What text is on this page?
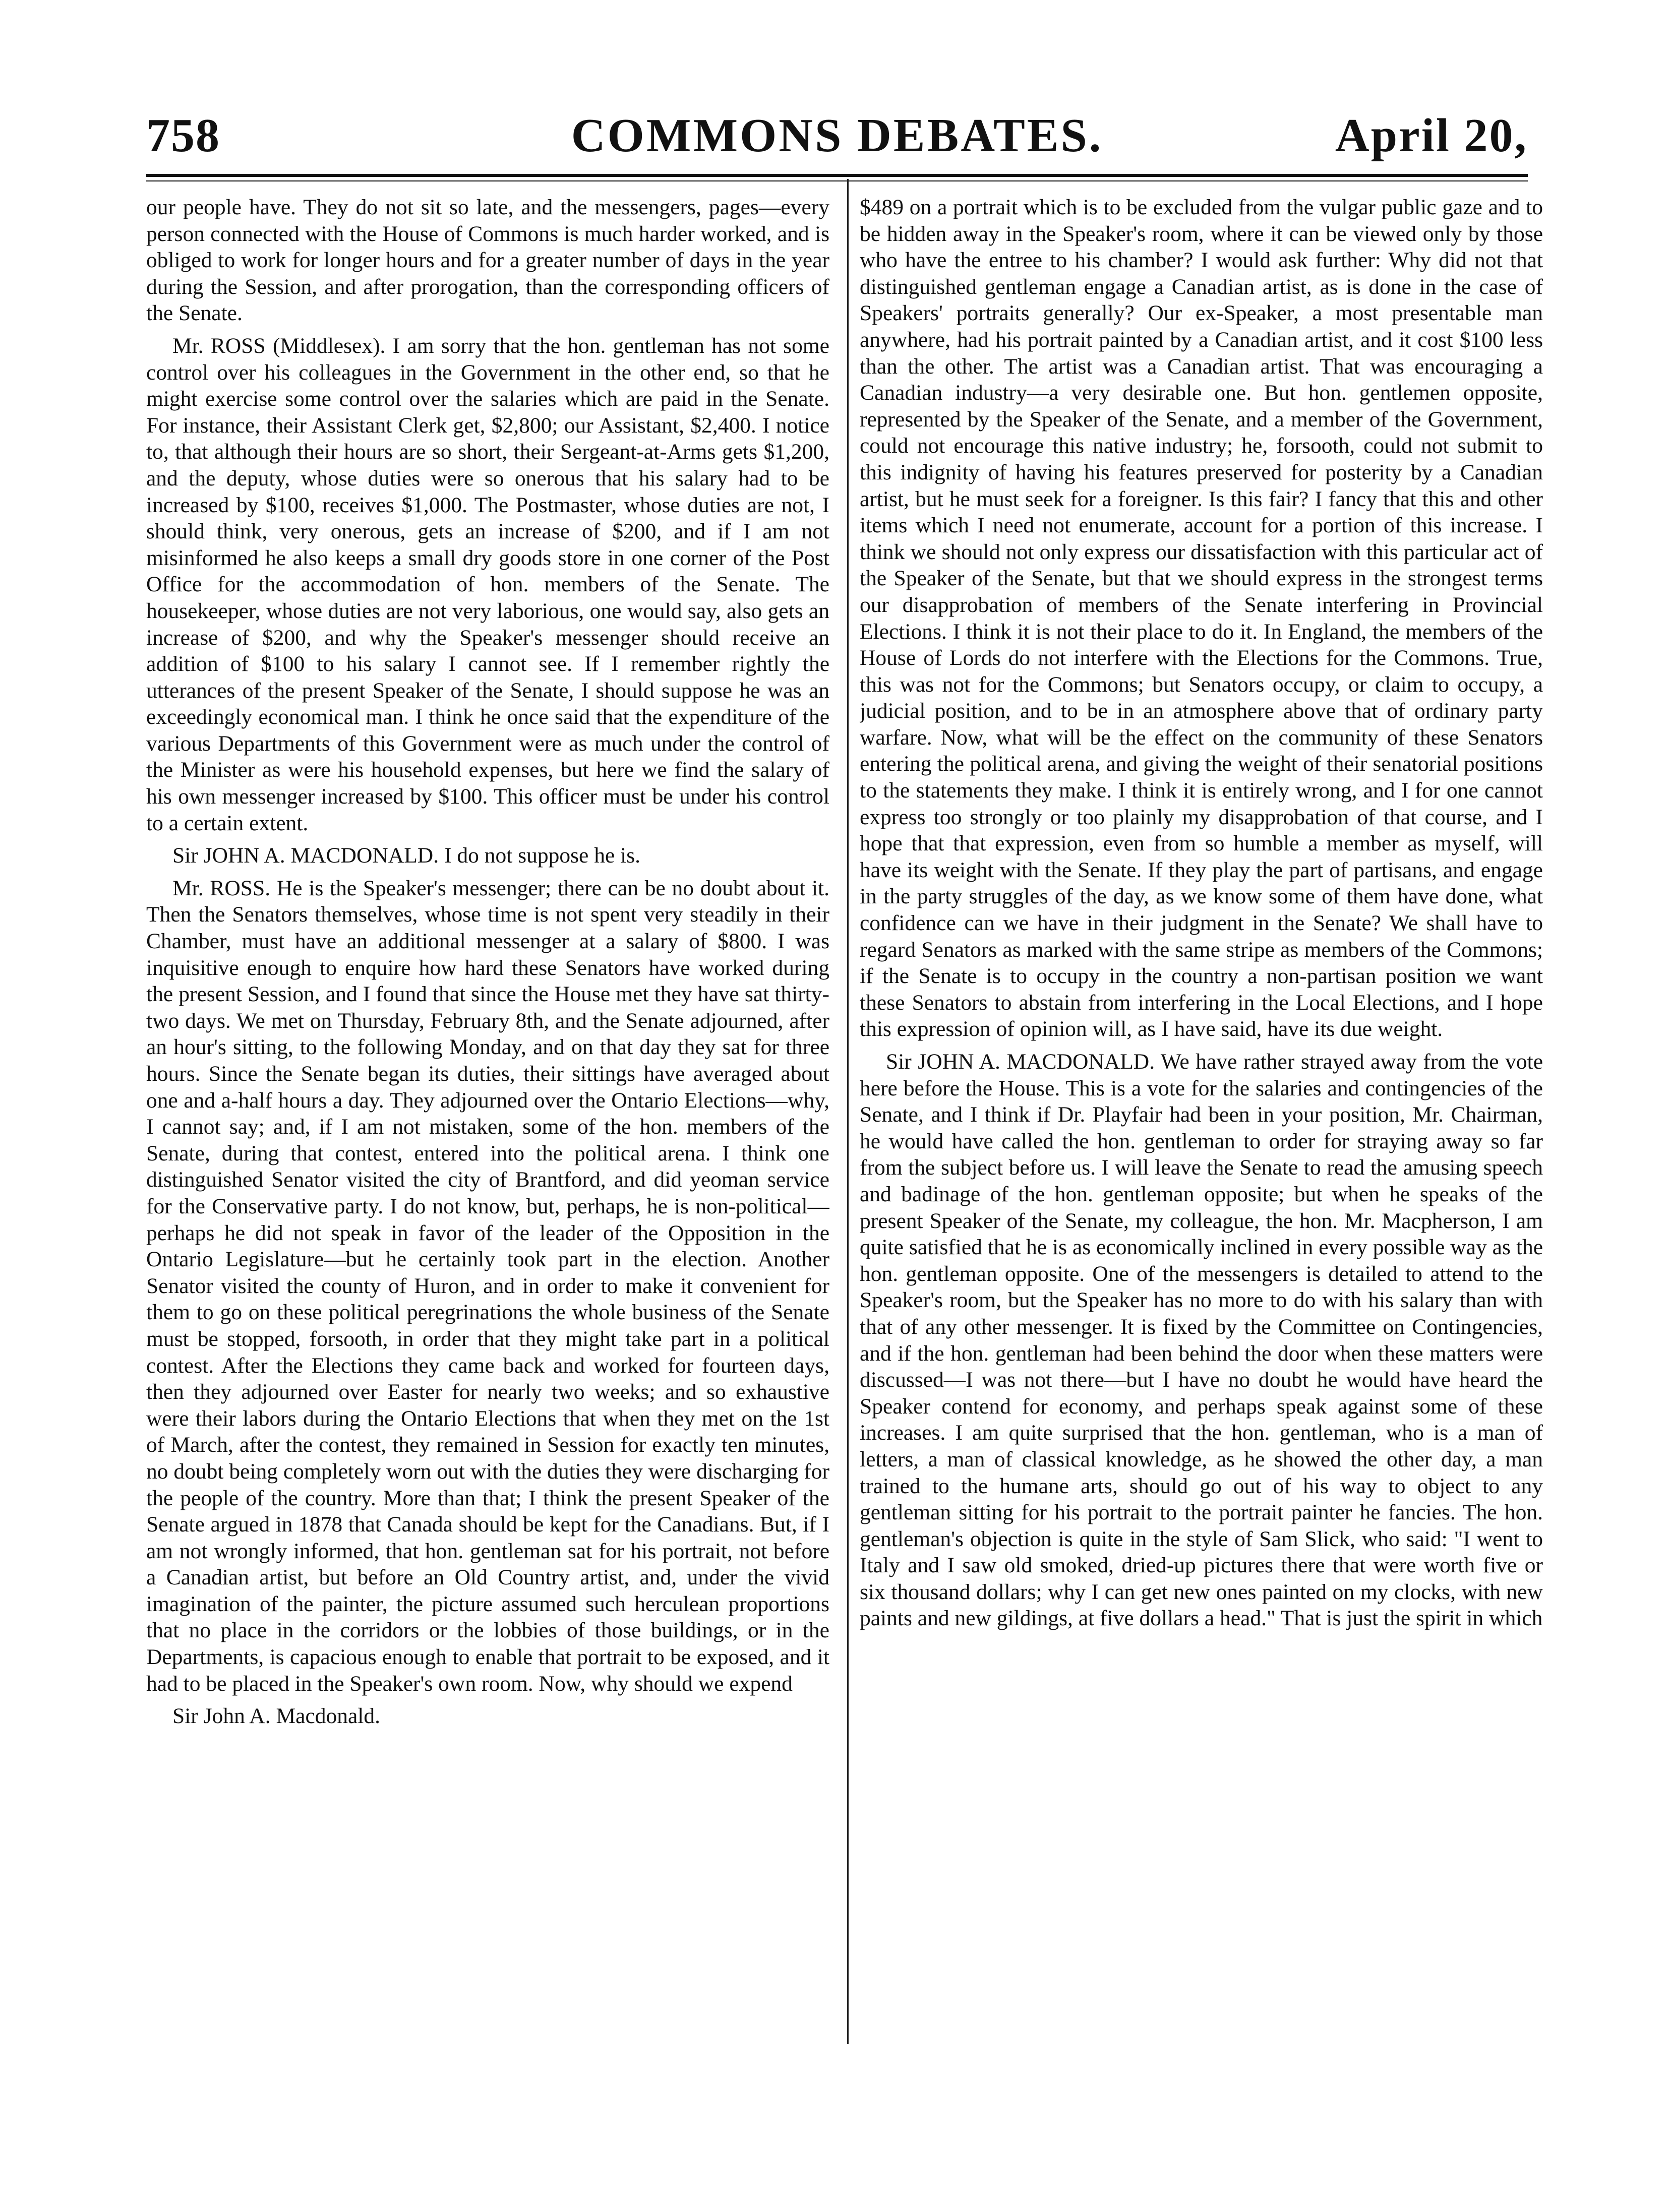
758	COMMONS DEBATES.	April 20,

our people have. They do not sit so late, and the messengers, pages—every person connected with the House of Commons is much harder worked, and is obliged to work for longer hours and for a greater number of days in the year during the Session, and after prorogation, than the corresponding officers of the Senate.

Mr. ROSS (Middlesex). I am sorry that the hon. gentleman has not some control over his colleagues in the Government in the other end, so that he might exercise some control over the salaries which are paid in the Senate. For instance, their Assistant Clerk get, $2,800; our Assistant, $2,400. I notice to, that although their hours are so short, their Sergeant-at-Arms gets $1,200, and the deputy, whose duties were so onerous that his salary had to be increased by $100, receives $1,000. The Postmaster, whose duties are not, I should think, very onerous, gets an increase of $200, and if I am not misinformed he also keeps a small dry goods store in one corner of the Post Office for the accommodation of hon. members of the Senate. The housekeeper, whose duties are not very laborious, one would say, also gets an increase of $200, and why the Speaker's messenger should receive an addition of $100 to his salary I cannot see. If I remember rightly the utterances of the present Speaker of the Senate, I should suppose he was an exceedingly economical man. I think he once said that the expenditure of the various Departments of this Government were as much under the control of the Minister as were his household expenses, but here we find the salary of his own messenger increased by $100. This officer must be under his control to a certain extent.

Sir JOHN A. MACDONALD. I do not suppose he is.

Mr. ROSS. He is the Speaker's messenger; there can be no doubt about it. Then the Senators themselves, whose time is not spent very steadily in their Chamber, must have an additional messenger at a salary of $800. I was inquisitive enough to enquire how hard these Senators have worked during the present Session, and I found that since the House met they have sat thirty-two days. We met on Thursday, February 8th, and the Senate adjourned, after an hour's sitting, to the following Monday, and on that day they sat for three hours. Since the Senate began its duties, their sittings have averaged about one and a-half hours a day. They adjourned over the Ontario Elections—why, I cannot say; and, if I am not mistaken, some of the hon. members of the Senate, during that contest, entered into the political arena. I think one distinguished Senator visited the city of Brantford, and did yeoman service for the Conservative party. I do not know, but, perhaps, he is non-political—perhaps he did not speak in favor of the leader of the Opposition in the Ontario Legislature—but he certainly took part in the election. Another Senator visited the county of Huron, and in order to make it convenient for them to go on these political peregrinations the whole business of the Senate must be stopped, forsooth, in order that they might take part in a political contest. After the Elections they came back and worked for fourteen days, then they adjourned over Easter for nearly two weeks; and so exhaustive were their labors during the Ontario Elections that when they met on the 1st of March, after the contest, they remained in Session for exactly ten minutes, no doubt being completely worn out with the duties they were discharging for the people of the country. More than that; I think the present Speaker of the Senate argued in 1878 that Canada should be kept for the Canadians. But, if I am not wrongly informed, that hon. gentleman sat for his portrait, not before a Canadian artist, but before an Old Country artist, and, under the vivid imagination of the painter, the picture assumed such herculean proportions that no place in the corridors or the lobbies of those buildings, or in the Departments, is capacious enough to enable that portrait to be exposed, and it had to be placed in the Speaker's own room. Now, why should we expend

Sir John A. Macdonald.

$489 on a portrait which is to be excluded from the vulgar public gaze and to be hidden away in the Speaker's room, where it can be viewed only by those who have the entree to his chamber? I would ask further: Why did not that distinguished gentleman engage a Canadian artist, as is done in the case of Speakers' portraits generally? Our ex-Speaker, a most presentable man anywhere, had his portrait painted by a Canadian artist, and it cost $100 less than the other. The artist was a Canadian artist. That was encouraging a Canadian industry—a very desirable one. But hon. gentlemen opposite, represented by the Speaker of the Senate, and a member of the Government, could not encourage this native industry; he, forsooth, could not submit to this indignity of having his features preserved for posterity by a Canadian artist, but he must seek for a foreigner. Is this fair? I fancy that this and other items which I need not enumerate, account for a portion of this increase. I think we should not only express our dissatisfaction with this particular act of the Speaker of the Senate, but that we should express in the strongest terms our disapprobation of members of the Senate interfering in Provincial Elections. I think it is not their place to do it. In England, the members of the House of Lords do not interfere with the Elections for the Commons. True, this was not for the Commons; but Senators occupy, or claim to occupy, a judicial position, and to be in an atmosphere above that of ordinary party warfare. Now, what will be the effect on the community of these Senators entering the political arena, and giving the weight of their senatorial positions to the statements they make. I think it is entirely wrong, and I for one cannot express too strongly or too plainly my disapprobation of that course, and I hope that that expression, even from so humble a member as myself, will have its weight with the Senate. If they play the part of partisans, and engage in the party struggles of the day, as we know some of them have done, what confidence can we have in their judgment in the Senate? We shall have to regard Senators as marked with the same stripe as members of the Commons; if the Senate is to occupy in the country a non-partisan position we want these Senators to abstain from interfering in the Local Elections, and I hope this expression of opinion will, as I have said, have its due weight.

Sir JOHN A. MACDONALD. We have rather strayed away from the vote here before the House. This is a vote for the salaries and contingencies of the Senate, and I think if Dr. Playfair had been in your position, Mr. Chairman, he would have called the hon. gentleman to order for straying away so far from the subject before us. I will leave the Senate to read the amusing speech and badinage of the hon. gentleman opposite; but when he speaks of the present Speaker of the Senate, my colleague, the hon. Mr. Macpherson, I am quite satisfied that he is as economically inclined in every possible way as the hon. gentleman opposite. One of the messengers is detailed to attend to the Speaker's room, but the Speaker has no more to do with his salary than with that of any other messenger. It is fixed by the Committee on Contingencies, and if the hon. gentleman had been behind the door when these matters were discussed—I was not there—but I have no doubt he would have heard the Speaker contend for economy, and perhaps speak against some of these increases. I am quite surprised that the hon. gentleman, who is a man of letters, a man of classical knowledge, as he showed the other day, a man trained to the humane arts, should go out of his way to object to any gentleman sitting for his portrait to the portrait painter he fancies. The hon. gentleman's objection is quite in the style of Sam Slick, who said: "I went to Italy and I saw old smoked, dried-up pictures there that were worth five or six thousand dollars; why I can get new ones painted on my clocks, with new paints and new gildings, at five dollars a head." That is just the spirit in which
